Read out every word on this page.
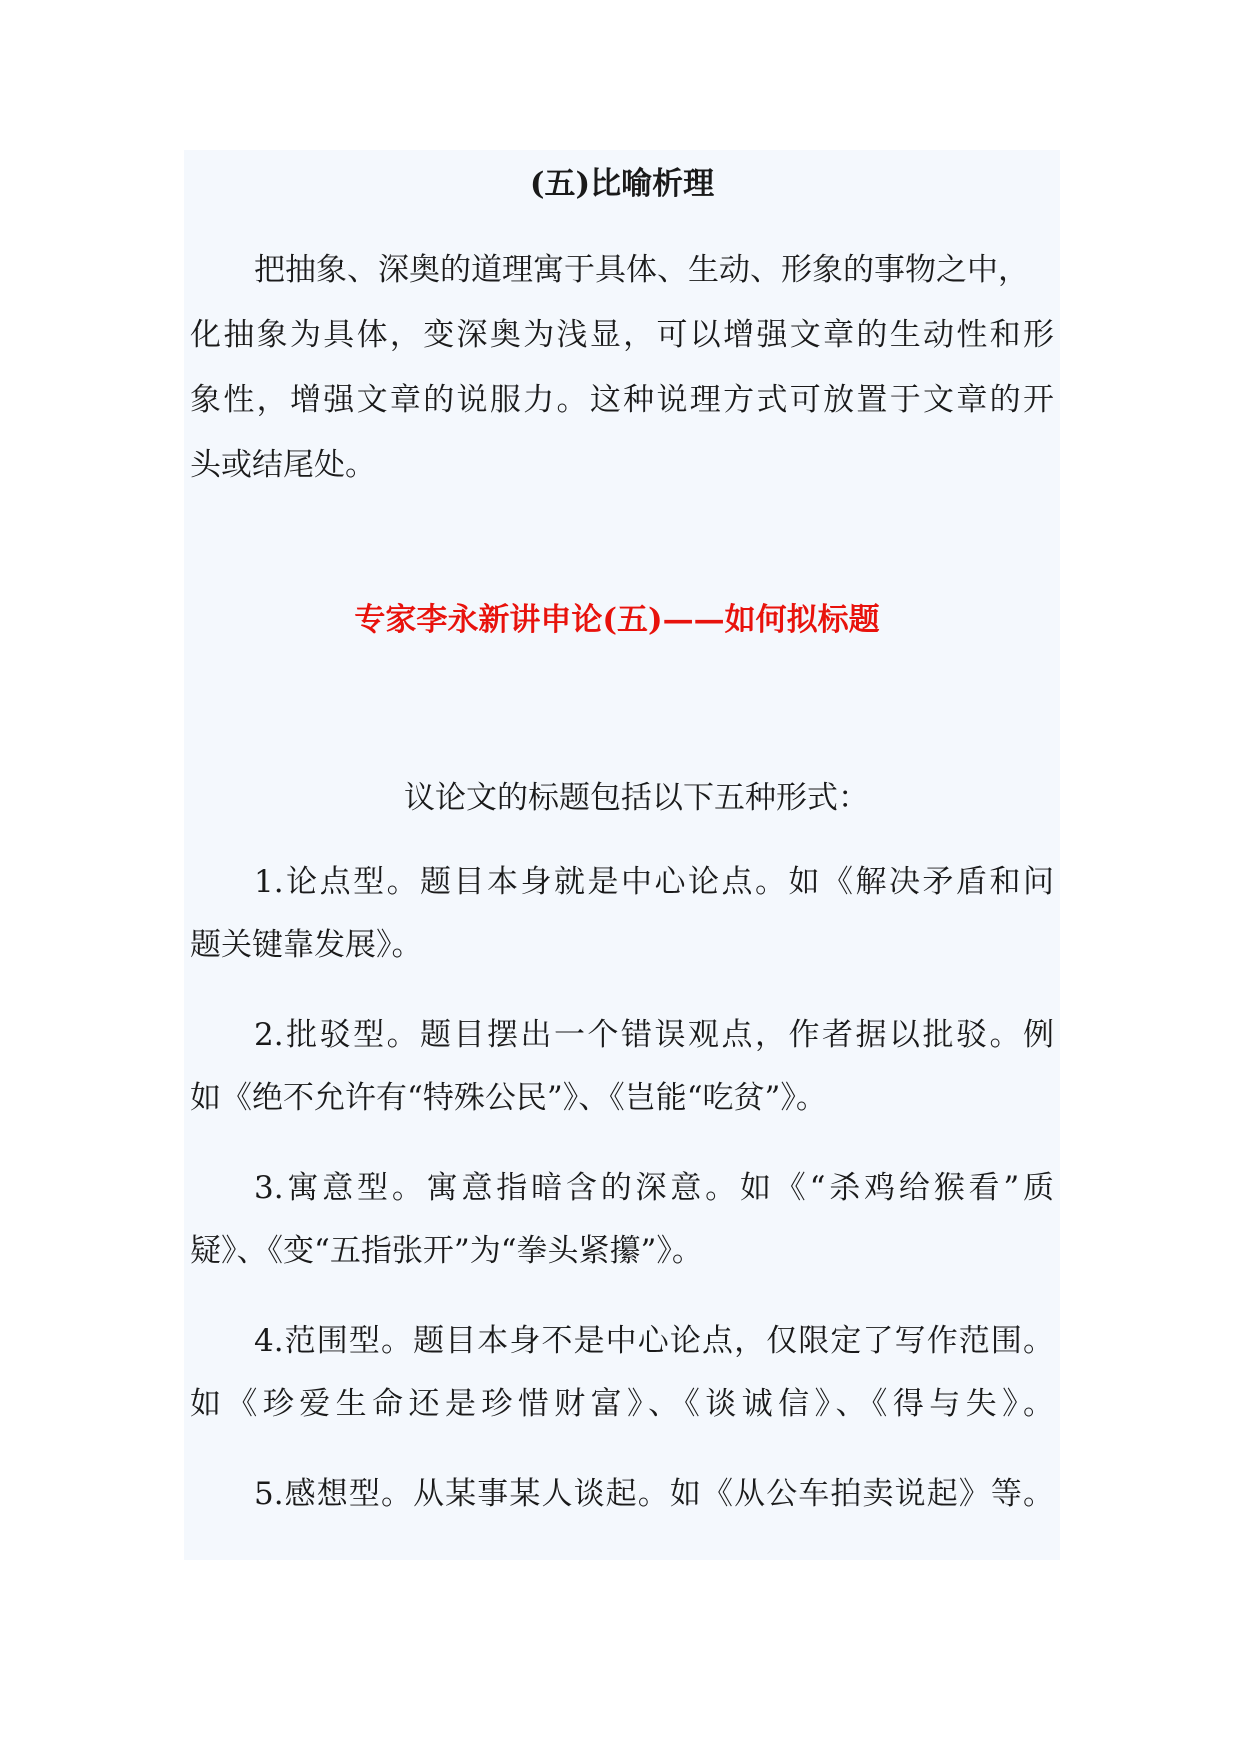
(五)比喻析理
把抽象、深奥的道理寓于具体、生动、形象的事物之中，
化抽象为具体，变深奥为浅显，可以增强文章的生动性和形
象性，增强文章的说服力。这种说理方式可放置于文章的开
头或结尾处。
专家李永新讲申论(五)——如何拟标题
议论文的标题包括以下五种形式：
1.论点型。题目本身就是中心论点。如《解决矛盾和问
题关键靠发展》。
2.批驳型。题目摆出一个错误观点，作者据以批驳。例
如《绝不允许有“特殊公民”》、《岂能“吃贫”》。
3.寓意型。寓意指暗含的深意。如《“杀鸡给猴看”质
疑》、《变“五指张开”为“拳头紧攥”》。
4.范围型。题目本身不是中心论点，仅限定了写作范围。
如《珍爱生命还是珍惜财富》、《谈诚信》、《得与失》。
5.感想型。从某事某人谈起。如《从公车拍卖说起》等。
